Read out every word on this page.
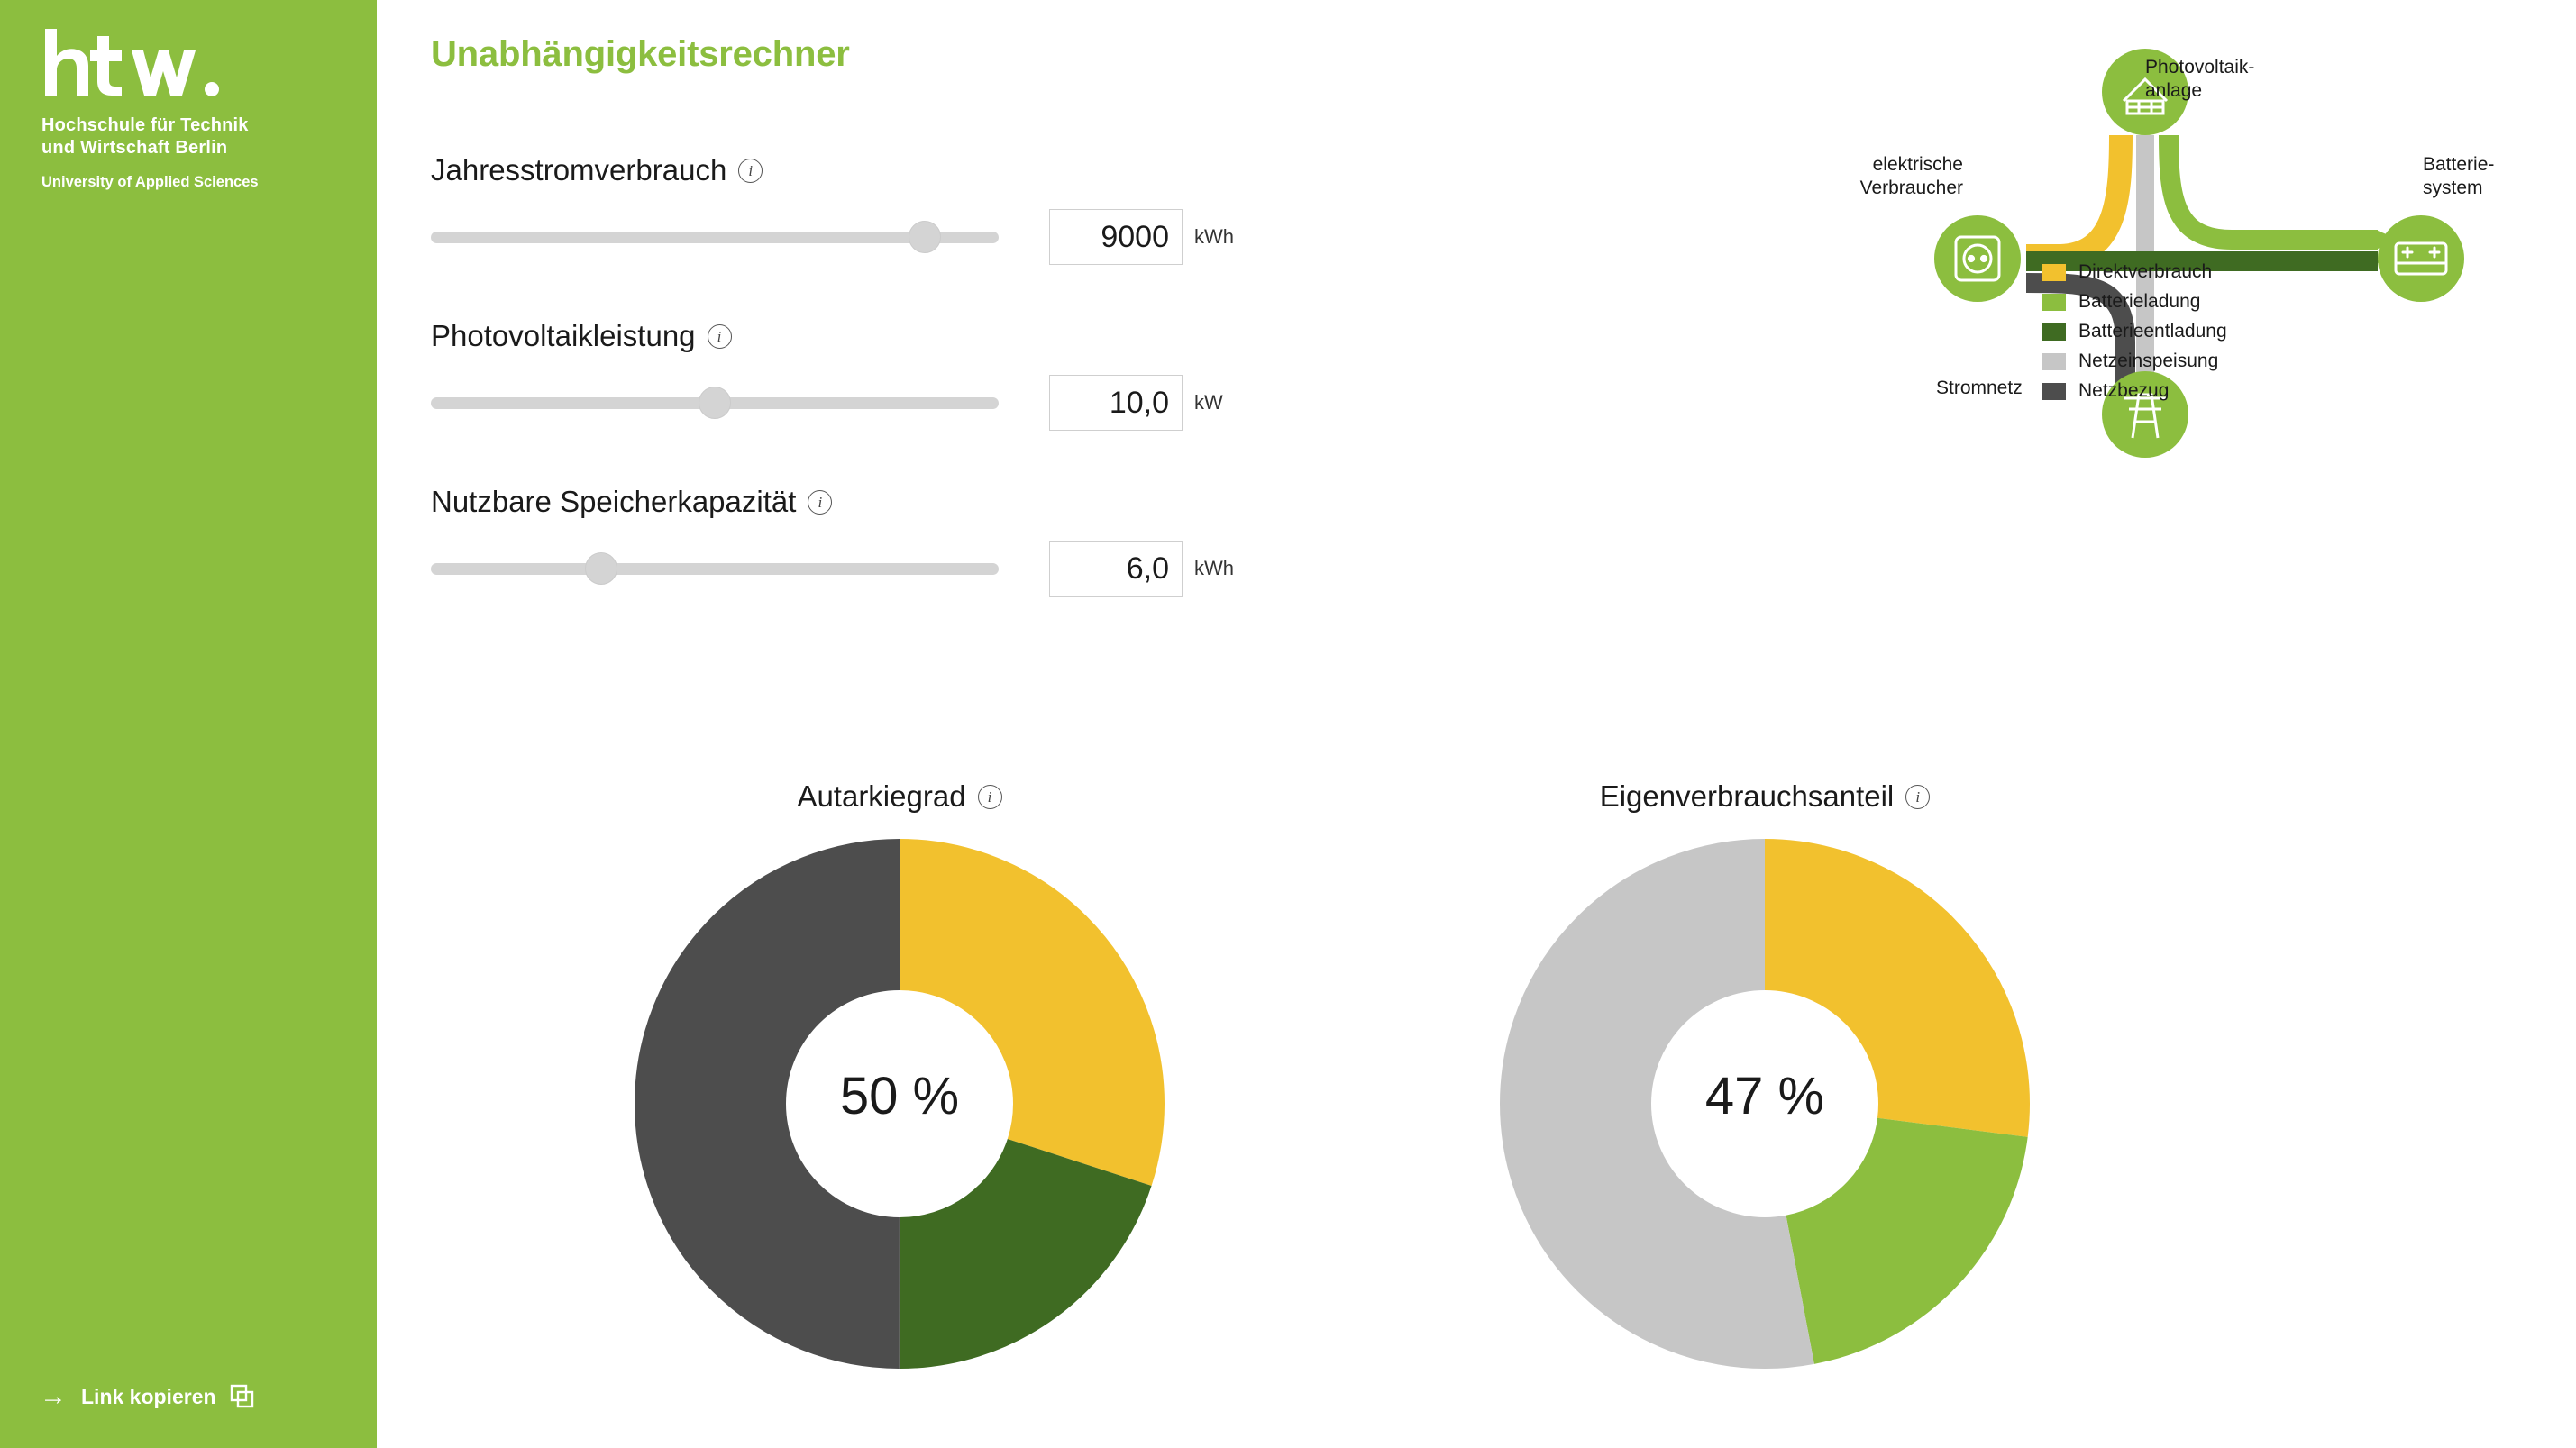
Hochschule für Technik
und Wirtschaft Berlin
University of Applied Sciences
→ Link kopieren
Unabhängigkeitsrechner
Jahresstromverbrauch	i
9000	kWh
Photovoltaikleistung	i
10,0	kW
Nutzbare Speicherkapazität	i
6,0	kWh
Photovoltaik-
anlage
elektrische
Verbraucher
Batterie-
system
Stromnetz
Direktverbrauch
Batterieladung
Batterieentladung
Netzeinspeisung
Netzbezug
Autarkiegrad	i
50 %
Eigenverbrauchsanteil	i
47 %
